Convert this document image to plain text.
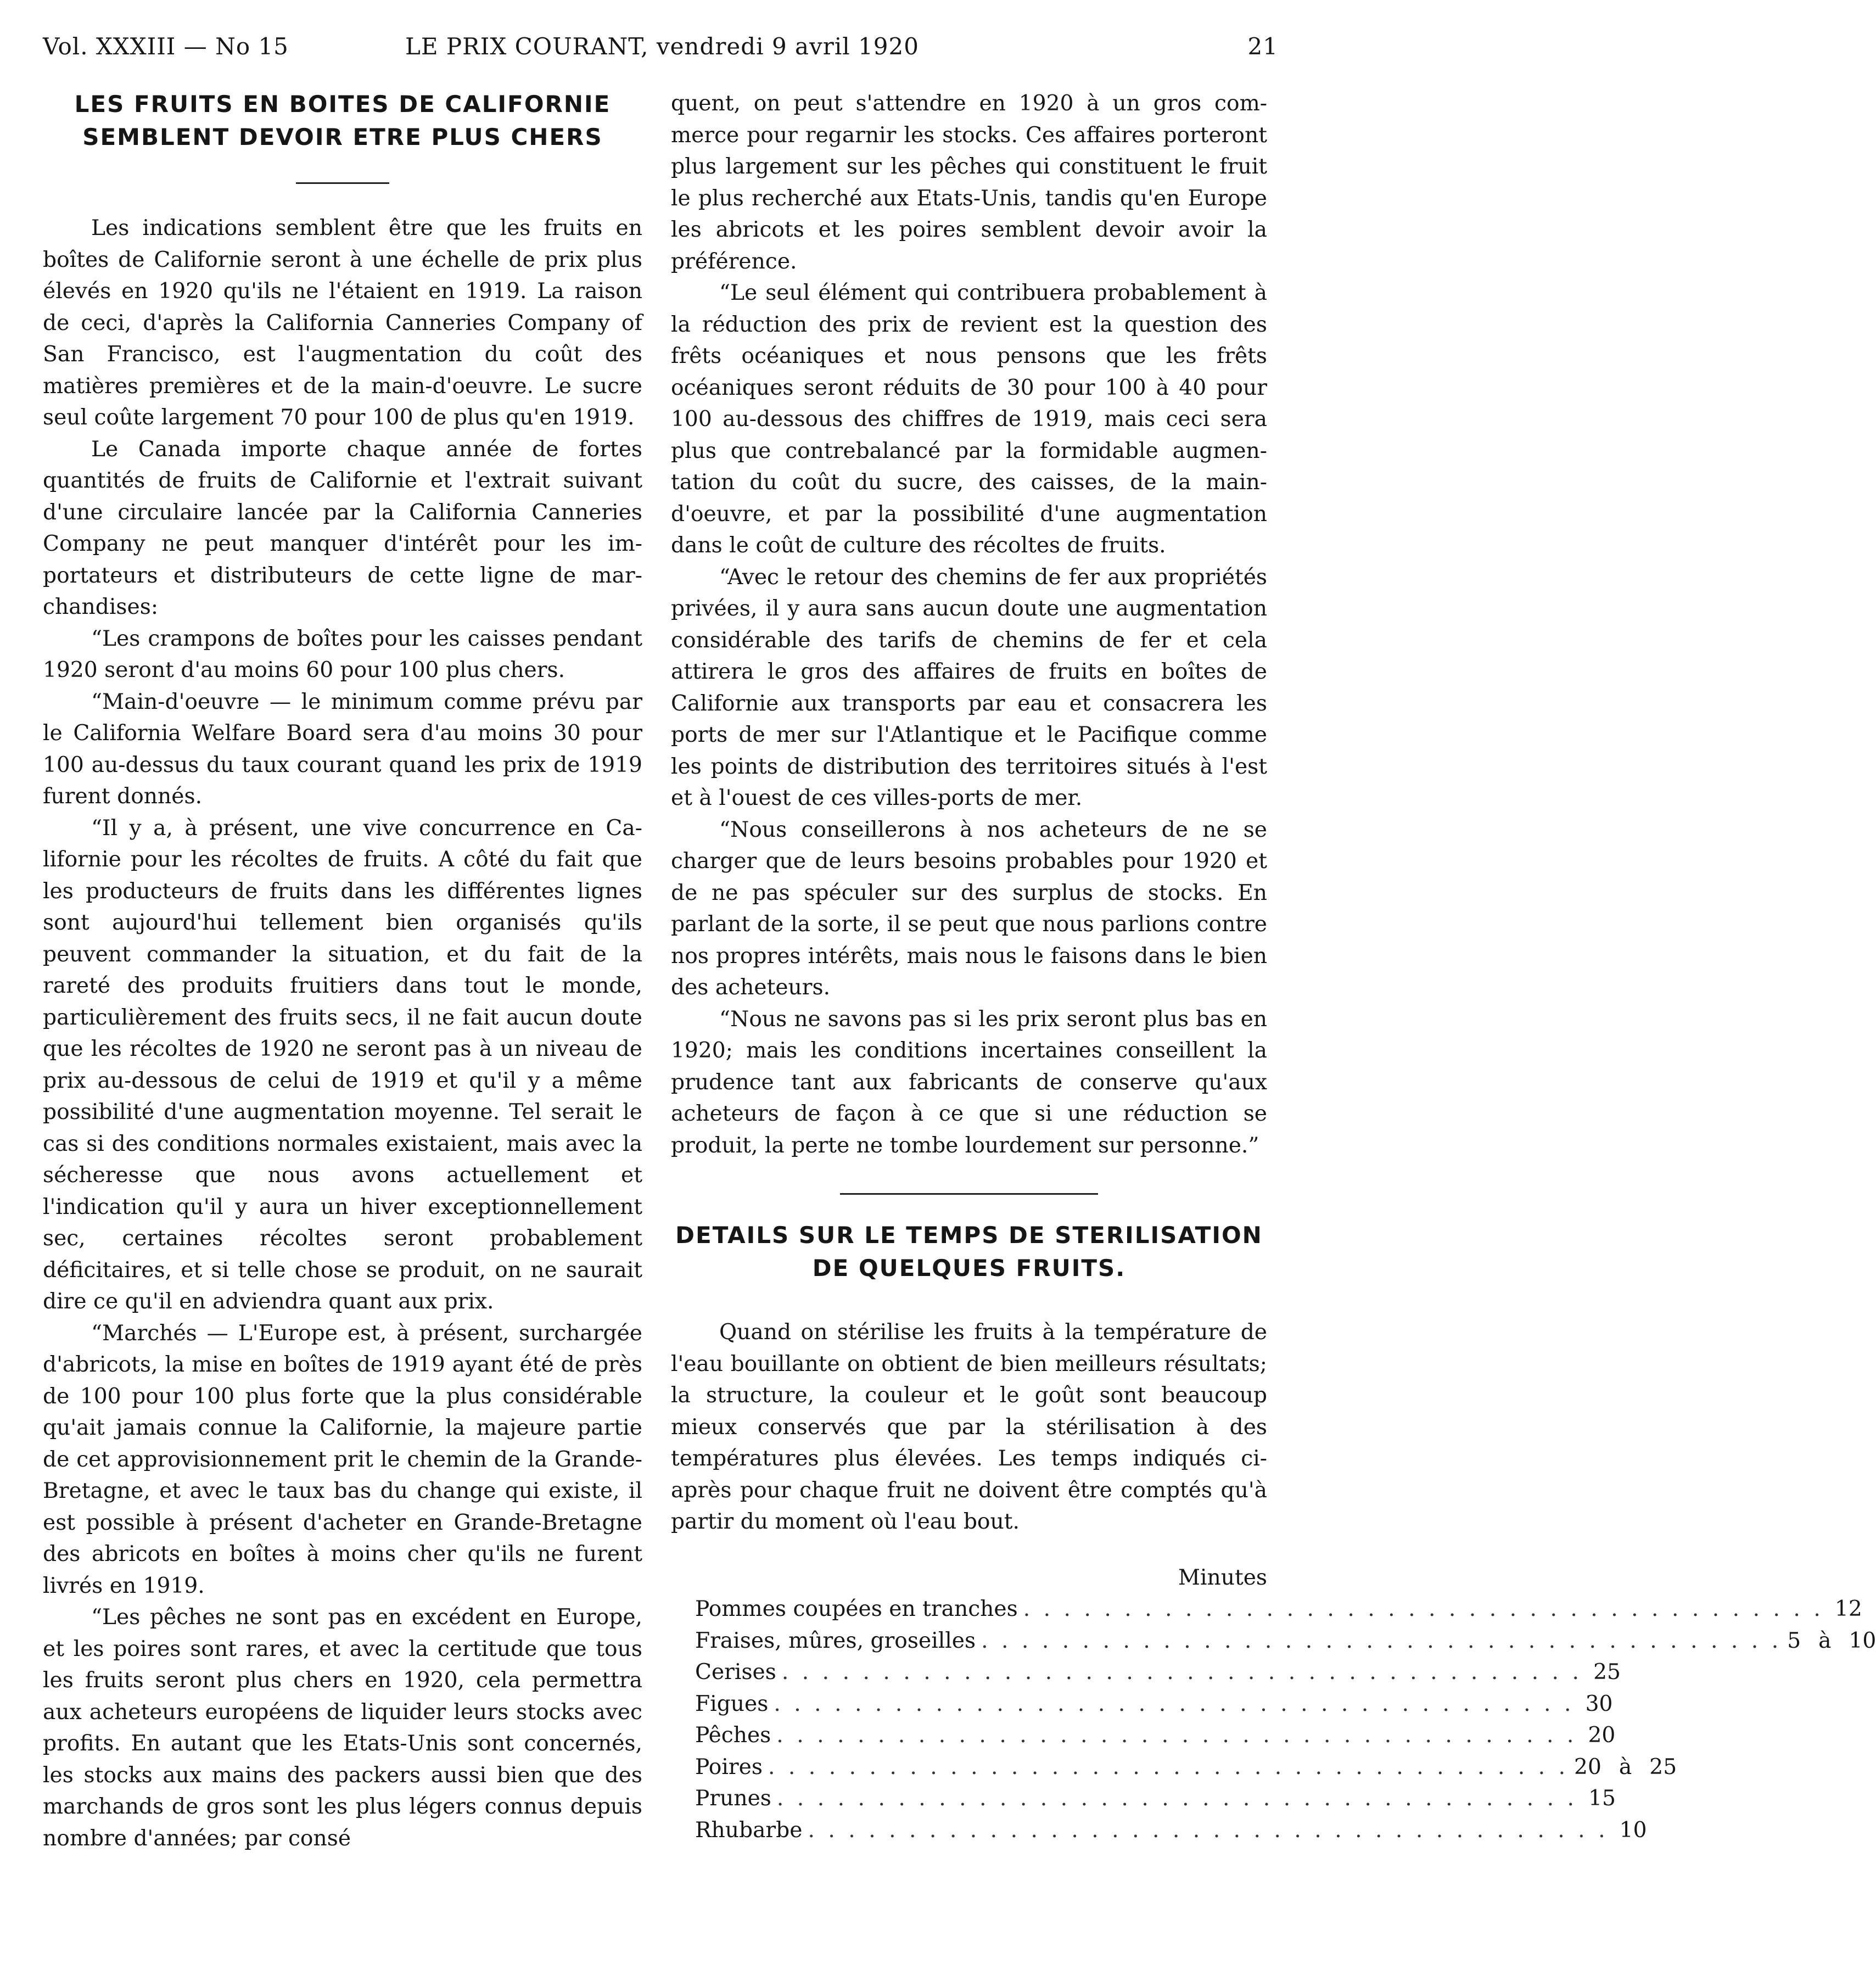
Vol. XXXIII — No 15	LE PRIX COURANT, vendredi 9 avril 1920	21
LES FRUITS EN BOITES DE CALIFORNIE
SEMBLENT DEVOIR ETRE PLUS CHERS

Les indications semblent être que les fruits en boîtes de Californie seront à une échelle de prix plus élevés en 1920 qu'ils ne l'étaient en 1919. La raison de ceci, d'après la California Canneries Company of San Francisco, est l'augmentation du coût des matières premières et de la main-d'oeuvre. Le sucre seul coûte largement 70 pour 100 de plus qu'en 1919.

Le Canada importe chaque année de fortes quantités de fruits de Californie et l'extrait suivant d'une circulaire lancée par la California Canneries Company ne peut manquer d'intérêt pour les importateurs et distributeurs de cette ligne de marchandises:

“Les crampons de boîtes pour les caisses pendant 1920 seront d'au moins 60 pour 100 plus chers.

“Main-d'oeuvre — le minimum comme prévu par le California Welfare Board sera d'au moins 30 pour 100 au-dessus du taux courant quand les prix de 1919 furent donnés.

“Il y a, à présent, une vive concurrence en Californie pour les récoltes de fruits. A côté du fait que les producteurs de fruits dans les différentes lignes sont aujourd'hui tellement bien organisés qu'ils peuvent commander la situation, et du fait de la rareté des produits fruitiers dans tout le monde, particulièrement des fruits secs, il ne fait aucun doute que les récoltes de 1920 ne seront pas à un niveau de prix au-dessous de celui de 1919 et qu'il y a même possibilité d'une augmentation moyenne. Tel serait le cas si des conditions normales existaient, mais avec la sécheresse que nous avons actuellement et l'indication qu'il y aura un hiver exceptionnellement sec, certaines récoltes seront probablement déficitaires, et si telle chose se produit, on ne saurait dire ce qu'il en adviendra quant aux prix.

“Marchés — L'Europe est, à présent, surchargée d'abricots, la mise en boîtes de 1919 ayant été de près de 100 pour 100 plus forte que la plus considérable qu'ait jamais connue la Californie, la majeure partie de cet approvisionnement prit le chemin de la Grande-Bretagne, et avec le taux bas du change qui existe, il est possible à présent d'acheter en Grande-Bretagne des abricots en boîtes à moins cher qu'ils ne furent livrés en 1919.

“Les pêches ne sont pas en excédent en Europe, et les poires sont rares, et avec la certitude que tous les fruits seront plus chers en 1920, cela permettra aux acheteurs européens de liquider leurs stocks avec profits. En autant que les Etats-Unis sont concernés, les stocks aux mains des packers aussi bien que des marchands de gros sont les plus légers connus depuis nombre d'années; par consé

quent, on peut s'attendre en 1920 à un gros commerce pour regarnir les stocks. Ces affaires porteront plus largement sur les pêches qui constituent le fruit le plus recherché aux Etats-Unis, tandis qu'en Europe les abricots et les poires semblent devoir avoir la préférence.

“Le seul élément qui contribuera probablement à la réduction des prix de revient est la question des frêts océaniques et nous pensons que les frêts océaniques seront réduits de 30 pour 100 à 40 pour 100 au-dessous des chiffres de 1919, mais ceci sera plus que contrebalancé par la formidable augmentation du coût du sucre, des caisses, de la main-d'oeuvre, et par la possibilité d'une augmentation dans le coût de culture des récoltes de fruits.

“Avec le retour des chemins de fer aux propriétés privées, il y aura sans aucun doute une augmentation considérable des tarifs de chemins de fer et cela attirera le gros des affaires de fruits en boîtes de Californie aux transports par eau et consacrera les ports de mer sur l'Atlantique et le Pacifique comme les points de distribution des territoires situés à l'est et à l'ouest de ces villes-ports de mer.

“Nous conseillerons à nos acheteurs de ne se charger que de leurs besoins probables pour 1920 et de ne pas spéculer sur des surplus de stocks. En parlant de la sorte, il se peut que nous parlions contre nos propres intérêts, mais nous le faisons dans le bien des acheteurs.

“Nous ne savons pas si les prix seront plus bas en 1920; mais les conditions incertaines conseillent la prudence tant aux fabricants de conserve qu'aux acheteurs de façon à ce que si une réduction se produit, la perte ne tombe lourdement sur personne.”

DETAILS SUR LE TEMPS DE STERILISATION
DE QUELQUES FRUITS.

Quand on stérilise les fruits à la température de l'eau bouillante on obtient de bien meilleurs résultats; la structure, la couleur et le goût sont beaucoup mieux conservés que par la stérilisation à des températures plus élevées. Les temps indiqués ci-après pour chaque fruit ne doivent être comptés qu'à partir du moment où l'eau bout.

Minutes
Pommes coupées en tranches . . . . . . . . . . . . . . . . . . . . . . . . . . . . . . . . . . . . . . . . 12
Fraises, mûres, groseilles . . . . . . . . . . . . . . . . . . . . . . . . . . . . . . . . . . . . . . . . 5 à 10
Cerises . . . . . . . . . . . . . . . . . . . . . . . . . . . . . . . . . . . . . . . . 25
Figues . . . . . . . . . . . . . . . . . . . . . . . . . . . . . . . . . . . . . . . . 30
Pêches . . . . . . . . . . . . . . . . . . . . . . . . . . . . . . . . . . . . . . . . 20
Poires . . . . . . . . . . . . . . . . . . . . . . . . . . . . . . . . . . . . . . . . 20 à 25
Prunes . . . . . . . . . . . . . . . . . . . . . . . . . . . . . . . . . . . . . . . . 15
Rhubarbe . . . . . . . . . . . . . . . . . . . . . . . . . . . . . . . . . . . . . . . . 10
